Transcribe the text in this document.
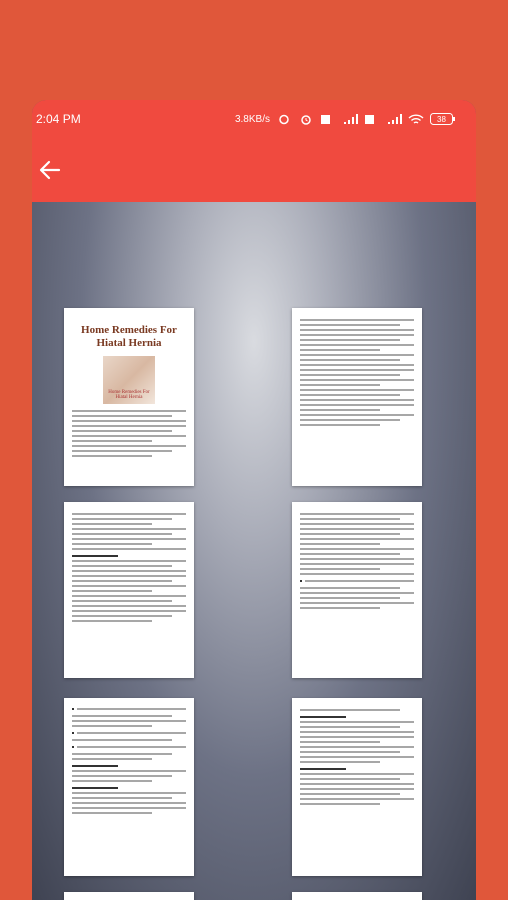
2:04 PM	3.8KB/s	38
Home Remedies For Hiatal Hernia
Home Remedies For Hiatal Hernia
